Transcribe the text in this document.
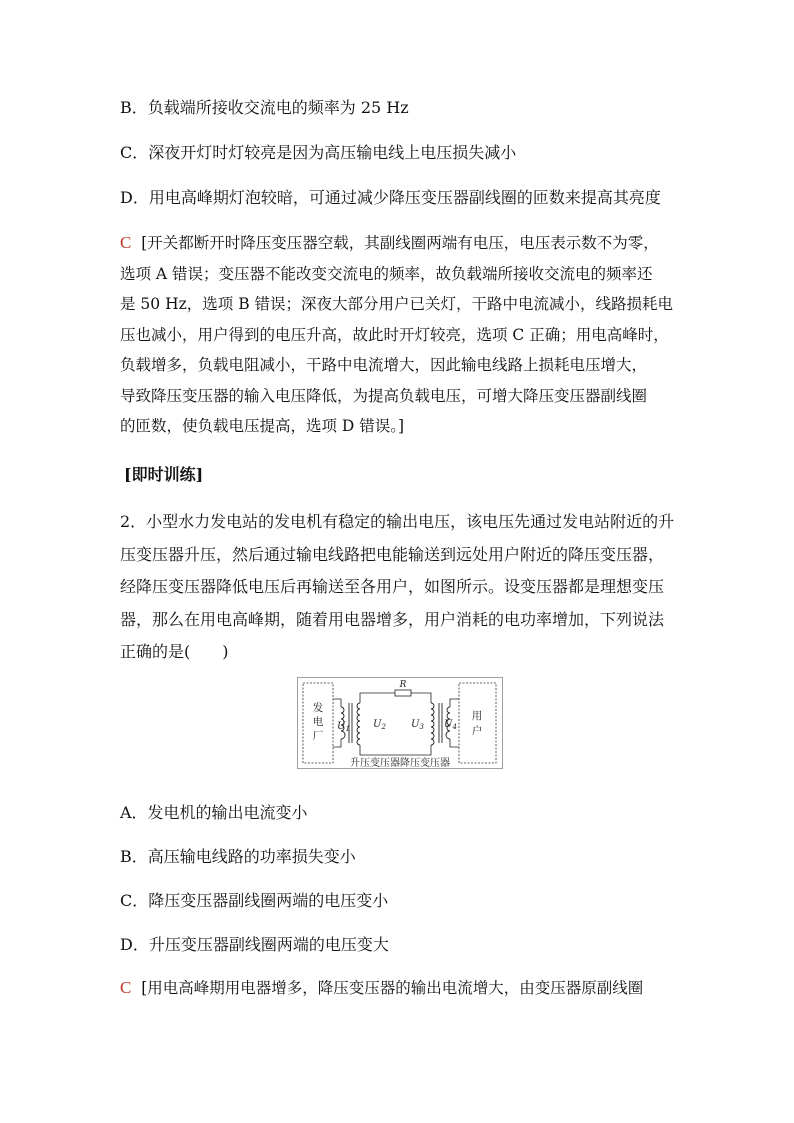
B．负载端所接收交流电的频率为 25 Hz
C．深夜开灯时灯较亮是因为高压输电线上电压损失减小
D．用电高峰期灯泡较暗，可通过减少降压变压器副线圈的匝数来提高其亮度
C [开关都断开时降压变压器空载，其副线圈两端有电压，电压表示数不为零，
选项 A 错误；变压器不能改变交流电的频率，故负载端所接收交流电的频率还
是 50 Hz，选项 B 错误；深夜大部分用户已关灯，干路中电流减小，线路损耗电
压也减小，用户得到的电压升高，故此时开灯较亮，选项 C 正确；用电高峰时，
负载增多，负载电阻减小，干路中电流增大，因此输电线路上损耗电压增大，
导致降压变压器的输入电压降低，为提高负载电压，可增大降压变压器副线圈
的匝数，使负载电压提高，选项 D 错误。]
[即时训练]
2．小型水力发电站的发电机有稳定的输出电压，该电压先通过发电站附近的升
压变压器升压，然后通过输电线路把电能输送到远处用户附近的降压变压器，
经降压变压器降低电压后再输送至各用户，如图所示。设变压器都是理想变压
器，那么在用电高峰期，随着用电器增多，用户消耗的电功率增加，下列说法
正确的是(　　)
发
电
厂
用
户
$U_1$
R
$U_2$	$U_3$ $U_4$
升压变压器降压变压器
A．发电机的输出电流变小
B．高压输电线路的功率损失变小
C．降压变压器副线圈两端的电压变小
D．升压变压器副线圈两端的电压变大
C [用电高峰期用电器增多，降压变压器的输出电流增大，由变压器原副线圈
